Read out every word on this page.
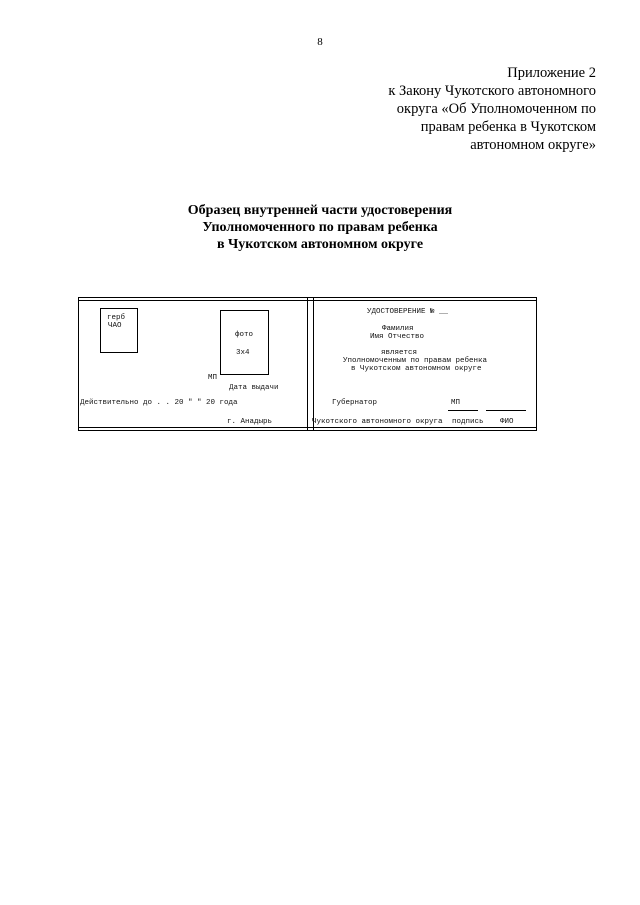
8
Приложение 2
к Закону Чукотского автономного
округа «Об Уполномоченном по
правам ребенка в Чукотском
автономном округе»
Образец внутренней части удостоверения
Уполномоченного по правам ребенка
в Чукотском автономном округе
герб
ЧАО
фото
3х4
МП
Дата выдачи
Действительно до . . 20 " " 20 года
г. Анадырь
УДОСТОВЕРЕНИЕ № __
Фамилия
Имя Отчество
является
Уполномоченным по правам ребенка
в Чукотском автономном округе
Губернатор	МП
Чукотского автономного округа подпись ФИО
